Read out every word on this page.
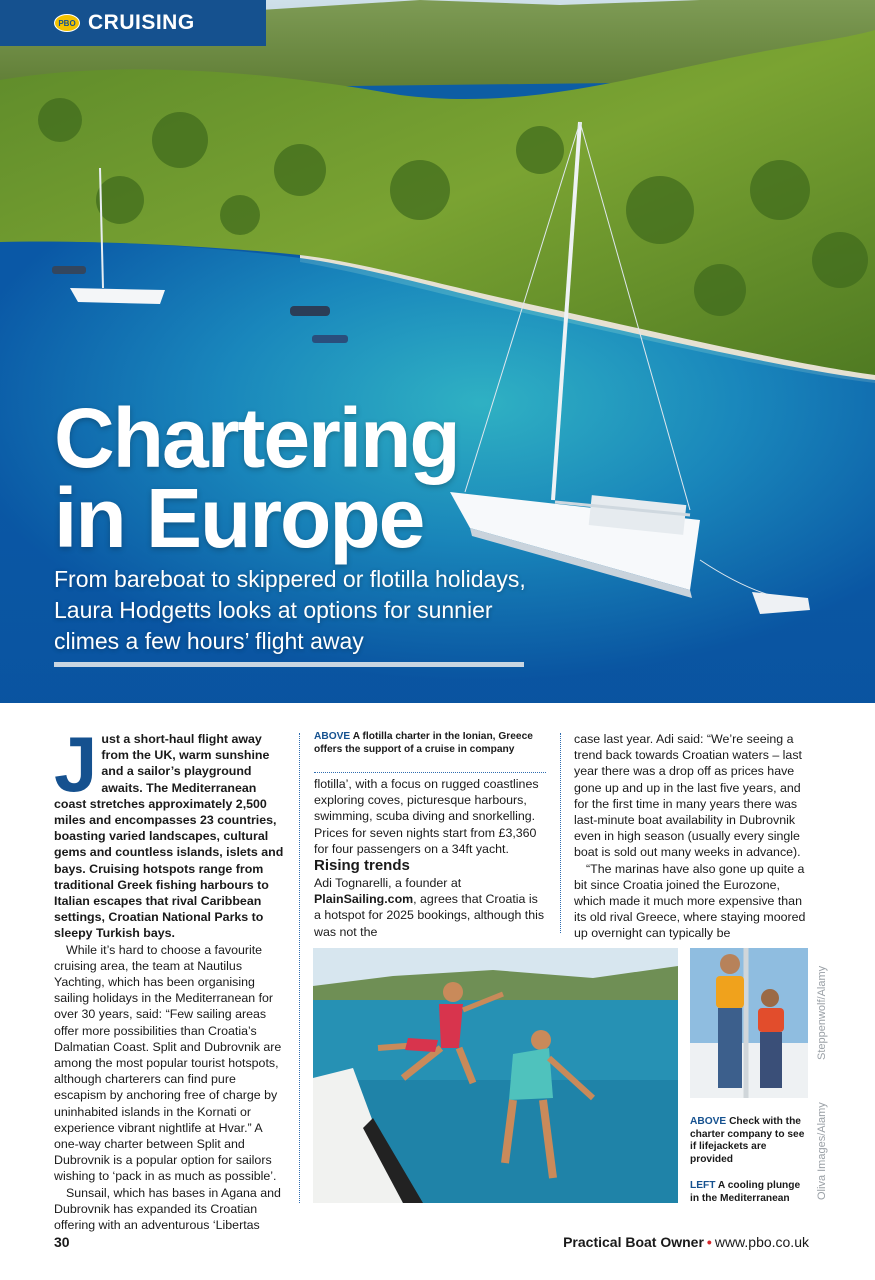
PBO CRUISING
Chartering
in Europe

From bareboat to skippered or flotilla holidays, Laura Hodgetts looks at options for sunnier climes a few hours’ flight away

J ust a short-haul flight away from the UK, warm sunshine and a sailor’s playground awaits. The Mediterranean coast stretches approximately 2,500 miles and encompasses 23 countries, boasting varied landscapes, cultural gems and countless islands, islets and bays. Cruising hotspots range from traditional Greek fishing harbours to Italian escapes that rival Caribbean settings, Croatian National Parks to sleepy Turkish bays.

While it’s hard to choose a favourite cruising area, the team at Nautilus Yachting, which has been organising sailing holidays in the Mediterranean for over 30 years, said: “Few sailing areas offer more possibilities than Croatia’s Dalmatian Coast. Split and Dubrovnik are among the most popular tourist hotspots, although charterers can find pure escapism by anchoring free of charge by uninhabited islands in the Kornati or experience vibrant nightlife at Hvar.” A one-way charter between Split and Dubrovnik is a popular option for sailors wishing to ‘pack in as much as possible’.

Sunsail, which has bases in Agana and Dubrovnik has expanded its Croatian offering with an adventurous ‘Libertas

ABOVE A flotilla charter in the Ionian, Greece offers the support of a cruise in company

flotilla’, with a focus on rugged coastlines exploring coves, picturesque harbours, swimming, scuba diving and snorkelling. Prices for seven nights start from £3,360 for four passengers on a 34ft yacht.

Rising trends

Adi Tognarelli, a founder at PlainSailing.com, agrees that Croatia is a hotspot for 2025 bookings, although this was not the

case last year. Adi said: “We’re seeing a trend back towards Croatian waters – last year there was a drop off as prices have gone up and up in the last five years, and for the first time in many years there was last-minute boat availability in Dubrovnik even in high season (usually every single boat is sold out many weeks in advance).

“The marinas have also gone up quite a bit since Croatia joined the Eurozone, which made it much more expensive than its old rival Greece, where staying moored up overnight can typically be

Steppenwolf/Alamy
Oliva Images/Alamy

ABOVE Check with the charter company to see if lifejackets are provided

LEFT A cooling plunge in the Mediterranean

30	Practical Boat Owner • www.pbo.co.uk
